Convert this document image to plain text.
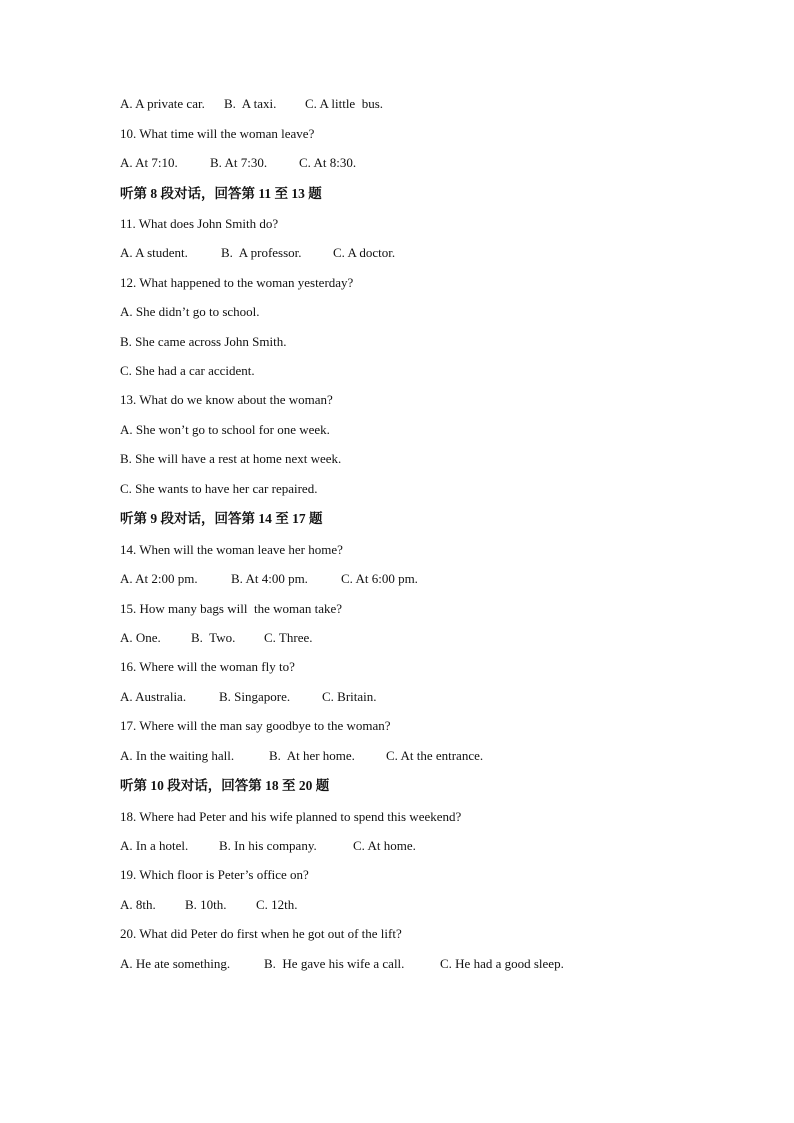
A. A private car. B.  A taxi. C. A little  bus.
10. What time will the woman leave?
A. At 7:10. B. At 7:30. C. At 8:30.
听第 8 段对话，回答第 11 至 13 题
11. What does John Smith do?
A. A student.	B.  A professor. C. A doctor.
12. What happened to the woman yesterday?
A. She didn’t go to school.
B. She came across John Smith.
C. She had a car accident.
13. What do we know about the woman?
A. She won’t go to school for one week.
B. She will have a rest at home next week.
C. She wants to have her car repaired.
听第 9 段对话，回答第 14 至 17 题
14. When will the woman leave her home?
A. At 2:00 pm.	B. At 4:00 pm.	C. At 6:00 pm.
15. How many bags will  the woman take?
A. One. B.  Two. C. Three.
16. Where will the woman fly to?
A. Australia.	B. Singapore. C. Britain.
17. Where will the man say goodbye to the woman?
A. In the waiting hall.	B.  At her home. C. At the entrance.
听第 10 段对话，回答第 18 至 20 题
18. Where had Peter and his wife planned to spend this weekend?
A. In a hotel. B. In his company.	C. At home.
19. Which floor is Peter’s office on?
A. 8th. B. 10th. C. 12th.
20. What did Peter do first when he got out of the lift?
A. He ate something.	B.  He gave his wife a call.	C. He had a good sleep.
